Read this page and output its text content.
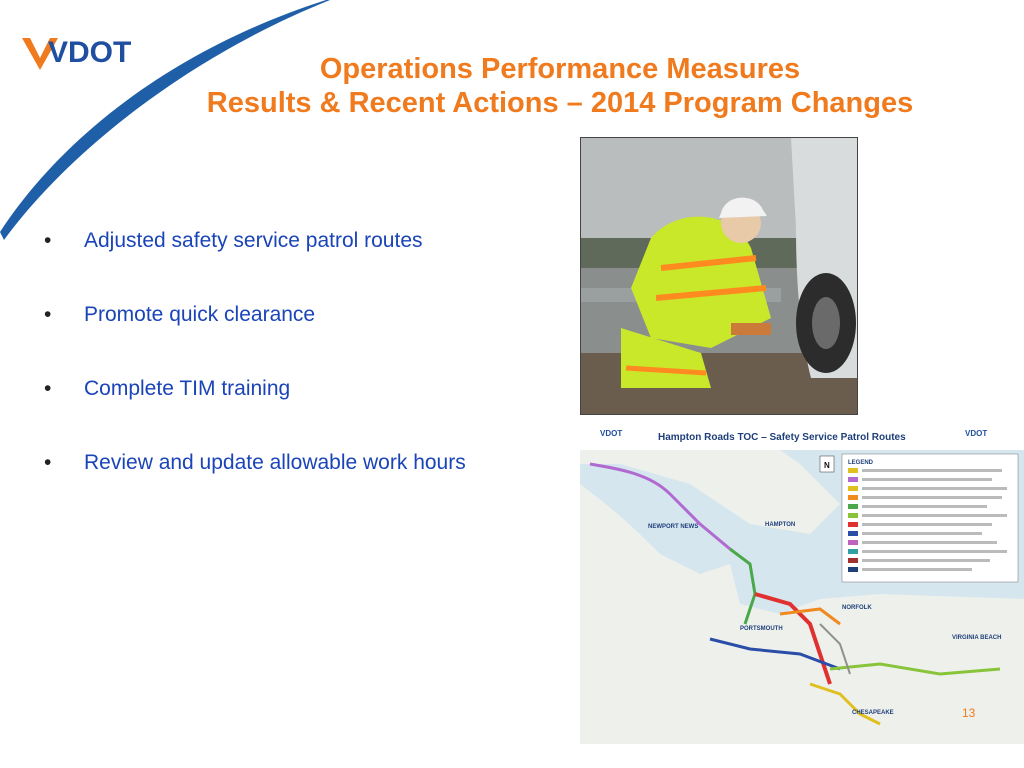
VDOT	Operations Performance Measures
Results & Recent Actions – 2014 Program Changes
• Adjusted safety service patrol routes
• Promote quick clearance
• Complete TIM training
• Review and update allowable work hours
VDOT	Hampton Roads TOC – Safety Service Patrol Routes	VDOT
NEWPORT NEWS	HAMPTON
NORFOLK
PORTSMOUTH
VIRGINIA BEACH
CHESAPEAKE
N	LEGEND
13
